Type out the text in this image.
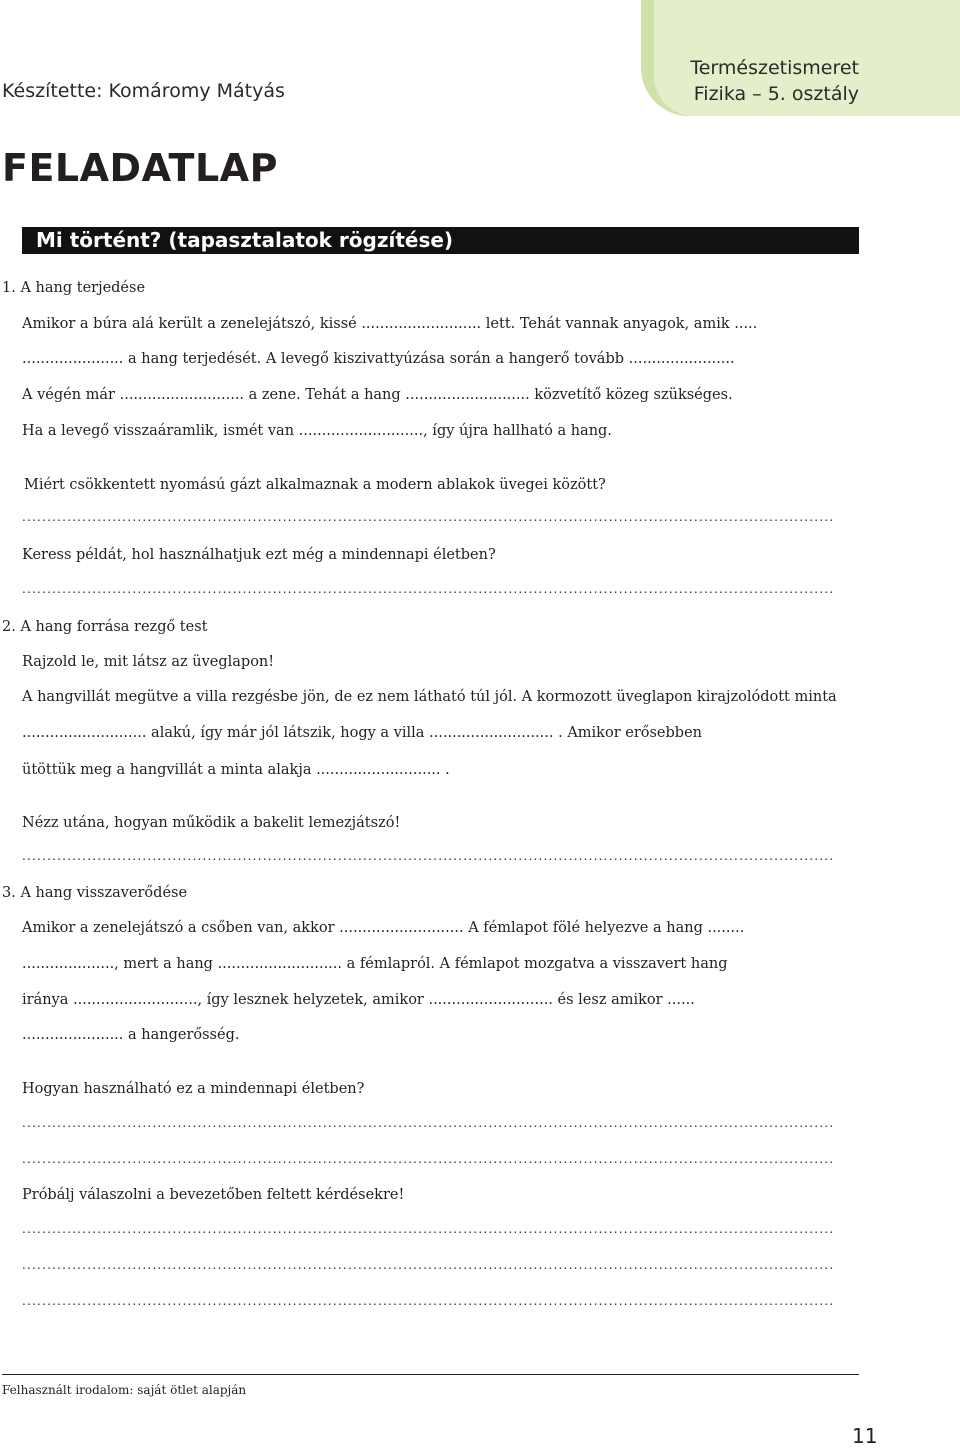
Készítette: Komáromy Mátyás
Természetismeret
Fizika – 5. osztály
FELADATLAP
Mi történt? (tapasztalatok rögzítése)
1. A hang terjedése
Amikor a búra alá került a zenelejátszó, kissé .......................... lett. Tehát vannak anyagok, amik .....
...................... a hang terjedését. A levegő kiszivattyúzása során a hangerő tovább .......................
A végén már ........................... a zene. Tehát a hang ........................... közvetítő közeg szükséges.
Ha a levegő visszaáramlik, ismét van ..........................., így újra hallható a hang.
Miért csökkentett nyomású gázt alkalmaznak a modern ablakok üvegei között?
..................................................................................................................................................................
Keress példát, hol használhatjuk ezt még a mindennapi életben?
..................................................................................................................................................................
2. A hang forrása rezgő test
Rajzold le, mit látsz az üveglapon!
A hangvillát megütve a villa rezgésbe jön, de ez nem látható túl jól. A kormozott üveglapon kirajzolódott minta
........................... alakú, így már jól látszik, hogy a villa ........................... . Amikor erősebben
ütöttük meg a hangvillát a minta alakja ........................... .
Nézz utána, hogyan működik a bakelit lemezjátszó!
..................................................................................................................................................................
3. A hang visszaverődése
Amikor a zenelejátszó a csőben van, akkor ........................... A fémlapot fölé helyezve a hang ........
...................., mert a hang ........................... a fémlapról. A fémlapot mozgatva a visszavert hang
iránya ..........................., így lesznek helyzetek, amikor ........................... és lesz amikor ......
...................... a hangerősség.
Hogyan használható ez a mindennapi életben?
..................................................................................................................................................................
..................................................................................................................................................................
Próbálj válaszolni a bevezetőben feltett kérdésekre!
..................................................................................................................................................................
..................................................................................................................................................................
..................................................................................................................................................................
Felhasznált irodalom: saját ötlet alapján
11
